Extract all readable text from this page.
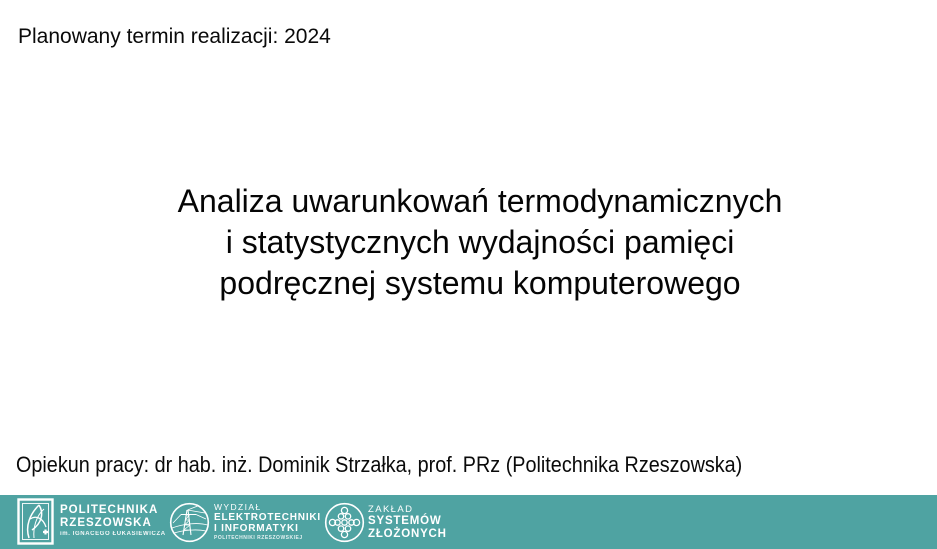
Planowany termin realizacji: 2024
Analiza uwarunkowań termodynamicznych
i statystycznych wydajności pamięci
podręcznej systemu komputerowego
Opiekun pracy: dr hab. inż. Dominik Strzałka, prof. PRz (Politechnika Rzeszowska)
POLITECHNIKA
RZESZOWSKA
im. IGNACEGO ŁUKASIEWICZA
WYDZIAŁ
ELEKTROTECHNIKI
I INFORMATYKI
POLITECHNIKI RZESZOWSKIEJ
ZAKŁAD
SYSTEMÓW
ZŁOŻONYCH
